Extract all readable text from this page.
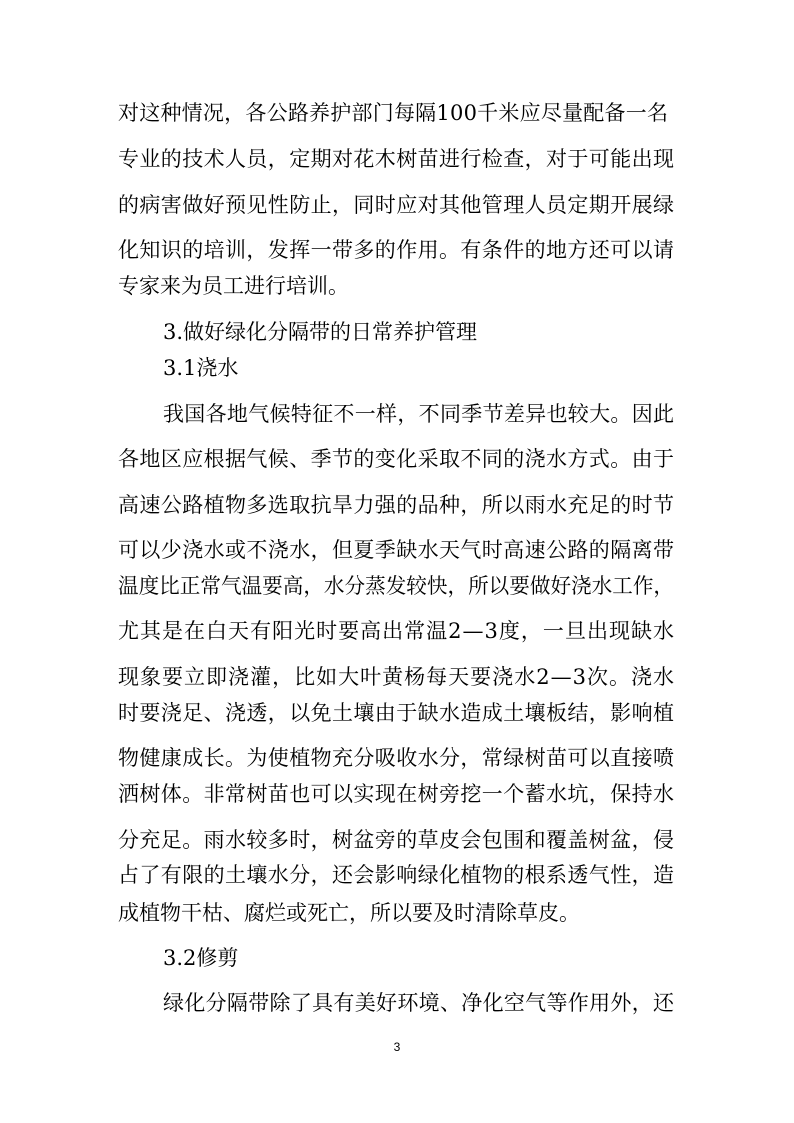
对这种情况，各公路养护部门每隔100千米应尽量配备一名
专业的技术人员，定期对花木树苗进行检查，对于可能出现
的病害做好预见性防止，同时应对其他管理人员定期开展绿
化知识的培训，发挥一带多的作用。有条件的地方还可以请
专家来为员工进行培训。
3.做好绿化分隔带的日常养护管理
3.1浇水
我国各地气候特征不一样，不同季节差异也较大。因此
各地区应根据气候、季节的变化采取不同的浇水方式。由于
高速公路植物多选取抗旱力强的品种，所以雨水充足的时节
可以少浇水或不浇水，但夏季缺水天气时高速公路的隔离带
温度比正常气温要高，水分蒸发较快，所以要做好浇水工作，
尤其是在白天有阳光时要高出常温2—3度，一旦出现缺水
现象要立即浇灌，比如大叶黄杨每天要浇水2—3次。浇水
时要浇足、浇透，以免土壤由于缺水造成土壤板结，影响植
物健康成长。为使植物充分吸收水分，常绿树苗可以直接喷
洒树体。非常树苗也可以实现在树旁挖一个蓄水坑，保持水
分充足。雨水较多时，树盆旁的草皮会包围和覆盖树盆，侵
占了有限的土壤水分，还会影响绿化植物的根系透气性，造
成植物干枯、腐烂或死亡，所以要及时清除草皮。
3.2修剪
绿化分隔带除了具有美好环境、净化空气等作用外，还
3
